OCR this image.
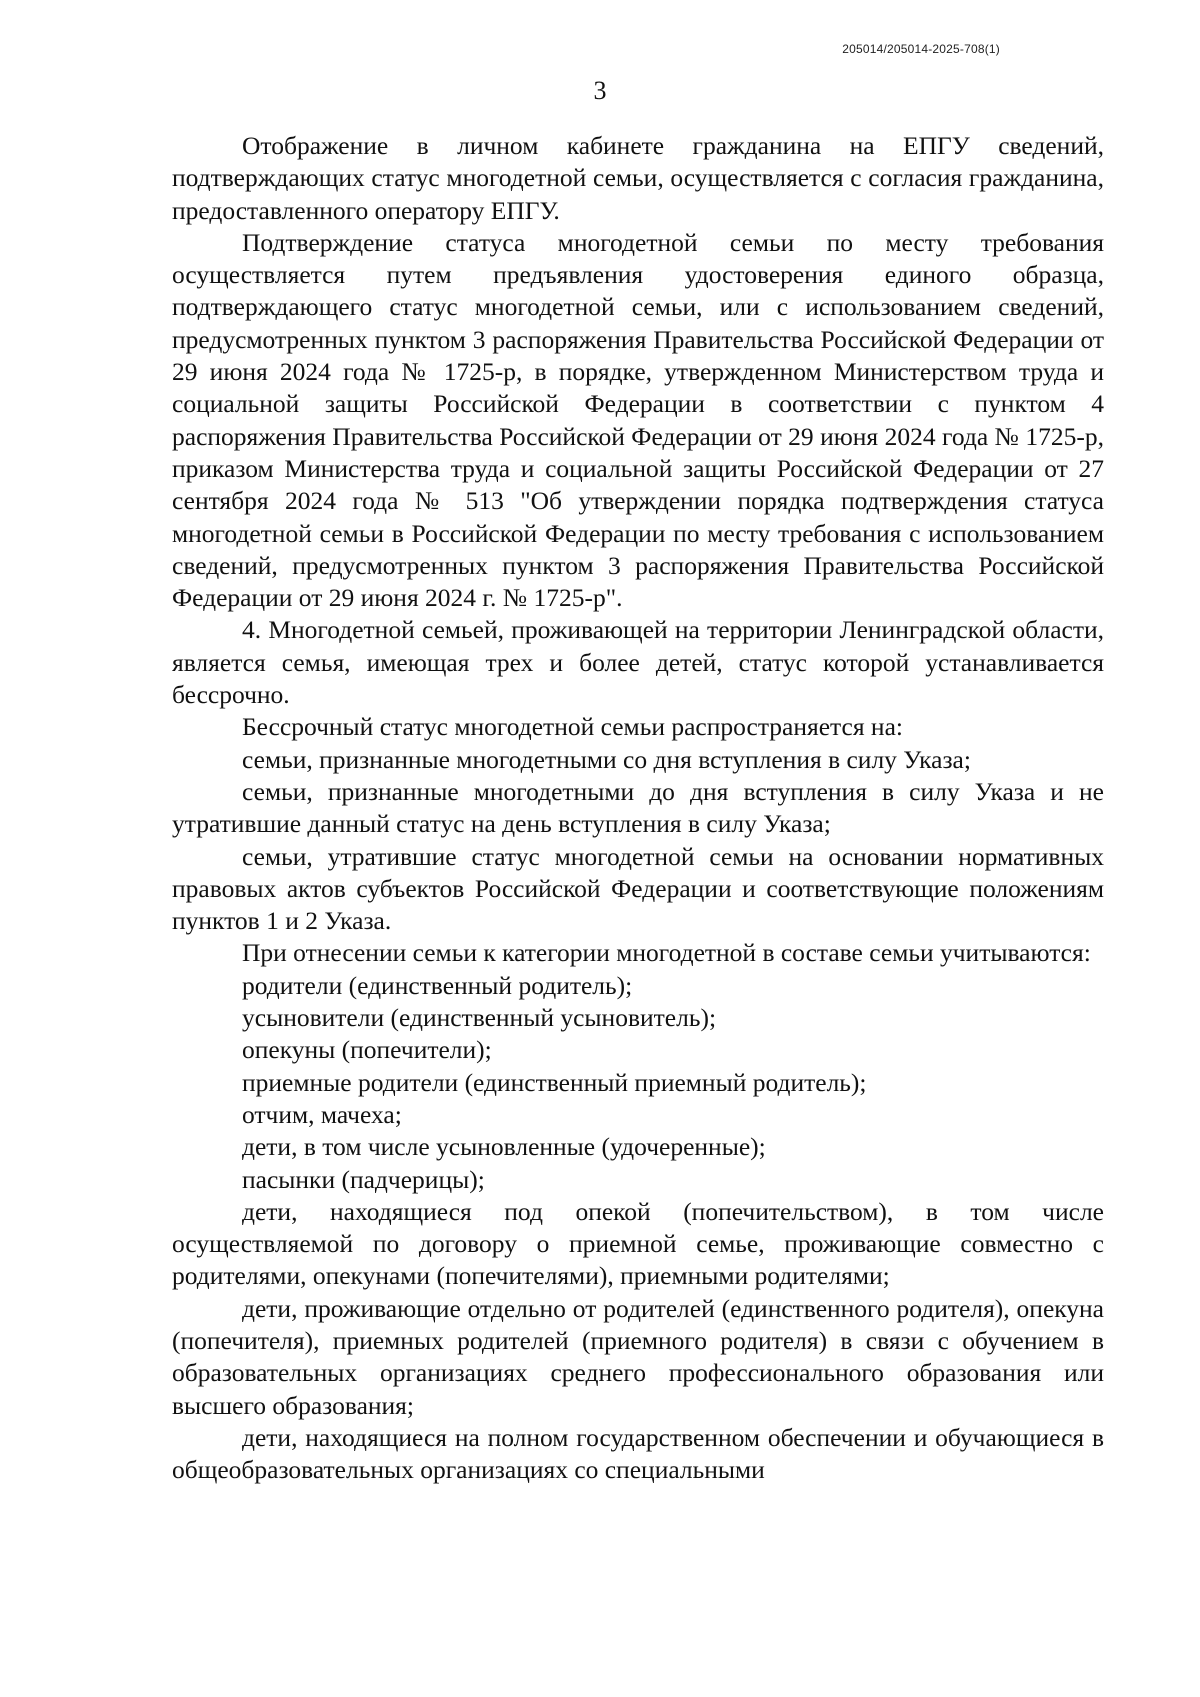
205014/205014-2025-708(1)
3

Отображение в личном кабинете гражданина на ЕПГУ сведений, подтверждающих статус многодетной семьи, осуществляется с согласия гражданина, предоставленного оператору ЕПГУ.

Подтверждение статуса многодетной семьи по месту требования осуществляется путем предъявления удостоверения единого образца, подтверждающего статус многодетной семьи, или с использованием сведений, предусмотренных пунктом 3 распоряжения Правительства Российской Федерации от 29 июня 2024 года № 1725-р, в порядке, утвержденном Министерством труда и социальной защиты Российской Федерации в соответствии с пунктом 4 распоряжения Правительства Российской Федерации от 29 июня 2024 года № 1725-р, приказом Министерства труда и социальной защиты Российской Федерации от 27 сентября 2024 года № 513 "Об утверждении порядка подтверждения статуса многодетной семьи в Российской Федерации по месту требования с использованием сведений, предусмотренных пунктом 3 распоряжения Правительства Российской Федерации от 29 июня 2024 г. № 1725-р".

4. Многодетной семьей, проживающей на территории Ленинградской области, является семья, имеющая трех и более детей, статус которой устанавливается бессрочно.

Бессрочный статус многодетной семьи распространяется на:

семьи, признанные многодетными со дня вступления в силу Указа;

семьи, признанные многодетными до дня вступления в силу Указа и не утратившие данный статус на день вступления в силу Указа;

семьи, утратившие статус многодетной семьи на основании нормативных правовых актов субъектов Российской Федерации и соответствующие положениям пунктов 1 и 2 Указа.

При отнесении семьи к категории многодетной в составе семьи учитываются:

родители (единственный родитель);

усыновители (единственный усыновитель);

опекуны (попечители);

приемные родители (единственный приемный родитель);

отчим, мачеха;

дети, в том числе усыновленные (удочеренные);

пасынки (падчерицы);

дети, находящиеся под опекой (попечительством), в том числе осуществляемой по договору о приемной семье, проживающие совместно с родителями, опекунами (попечителями), приемными родителями;

дети, проживающие отдельно от родителей (единственного родителя), опекуна (попечителя), приемных родителей (приемного родителя) в связи с обучением в образовательных организациях среднего профессионального образования или высшего образования;

дети, находящиеся на полном государственном обеспечении и обучающиеся в общеобразовательных организациях со специальными
